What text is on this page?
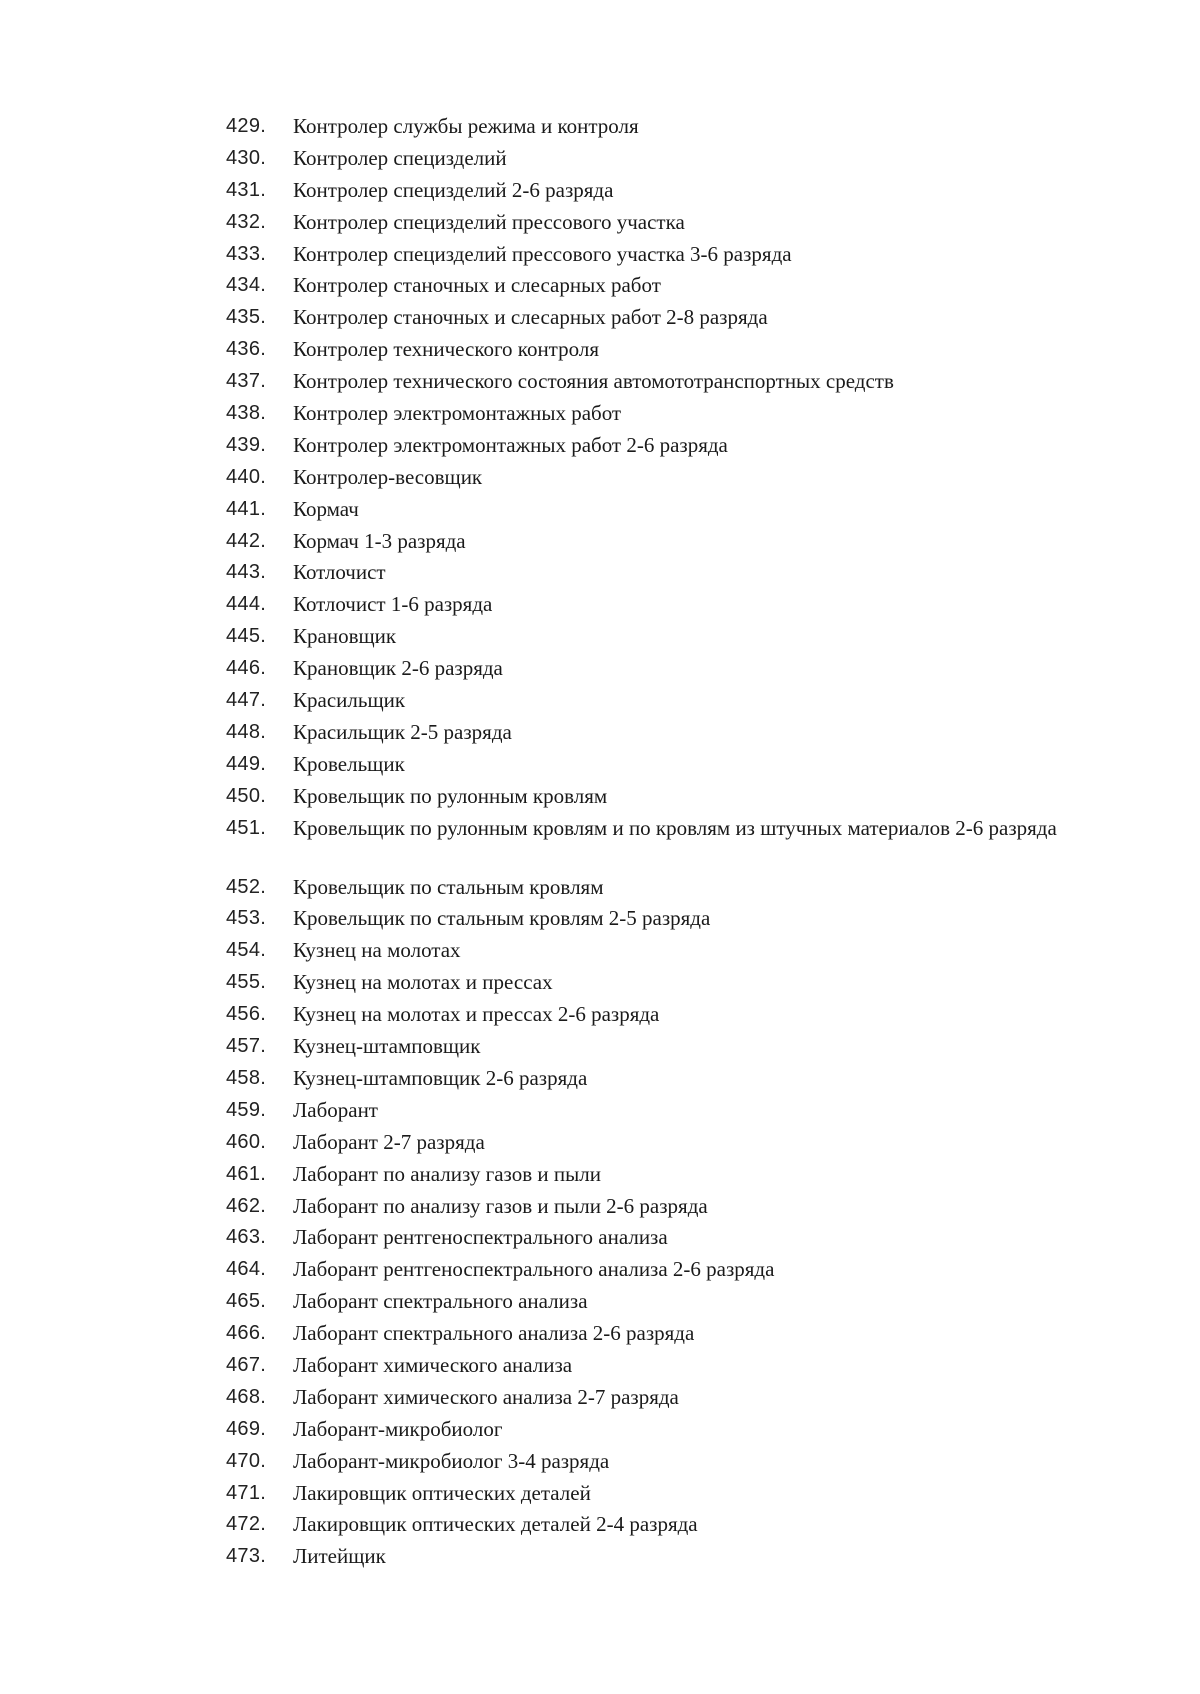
429.	Контролер службы режима и контроля
430.	Контролер специзделий
431.	Контролер специзделий 2-6 разряда
432.	Контролер специзделий прессового участка
433.	Контролер специзделий прессового участка 3-6 разряда
434.	Контролер станочных и слесарных работ
435.	Контролер станочных и слесарных работ 2-8 разряда
436.	Контролер технического контроля
437.	Контролер технического состояния автомототранспортных средств
438.	Контролер электромонтажных работ
439.	Контролер электромонтажных работ 2-6 разряда
440.	Контролер-весовщик
441.	Кормач
442.	Кормач 1-3 разряда
443.	Котлочист
444.	Котлочист 1-6 разряда
445.	Крановщик
446.	Крановщик 2-6 разряда
447.	Красильщик
448.	Красильщик 2-5 разряда
449.	Кровельщик
450.	Кровельщик по рулонным кровлям
451.	Кровельщик по рулонным кровлям и по кровлям из штучных материалов 2-6 разряда
452.	Кровельщик по стальным кровлям
453.	Кровельщик по стальным кровлям 2-5 разряда
454.	Кузнец на молотах
455.	Кузнец на молотах и прессах
456.	Кузнец на молотах и прессах 2-6 разряда
457.	Кузнец-штамповщик
458.	Кузнец-штамповщик 2-6 разряда
459.	Лаборант
460.	Лаборант 2-7 разряда
461.	Лаборант по анализу газов и пыли
462.	Лаборант по анализу газов и пыли 2-6 разряда
463.	Лаборант рентгеноспектрального анализа
464.	Лаборант рентгеноспектрального анализа 2-6 разряда
465.	Лаборант спектрального анализа
466.	Лаборант спектрального анализа 2-6 разряда
467.	Лаборант химического анализа
468.	Лаборант химического анализа 2-7 разряда
469.	Лаборант-микробиолог
470.	Лаборант-микробиолог 3-4 разряда
471.	Лакировщик оптических деталей
472.	Лакировщик оптических деталей 2-4 разряда
473.	Литейщик
